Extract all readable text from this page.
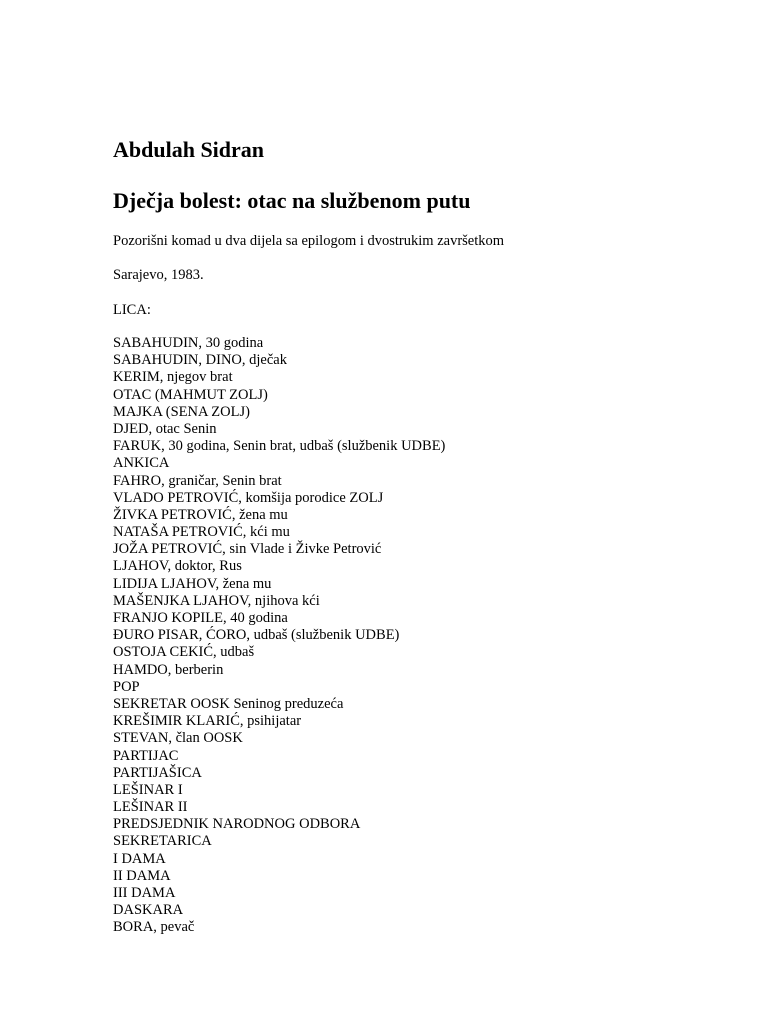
Abdulah Sidran
Dječja bolest: otac na službenom putu
Pozorišni komad u dva dijela sa epilogom i dvostrukim završetkom
Sarajevo, 1983.
LICA:
SABAHUDIN, 30 godina
SABAHUDIN, DINO, dječak
KERIM, njegov brat
OTAC (MAHMUT ZOLJ)
MAJKA (SENA ZOLJ)
DJED, otac Senin
FARUK, 30 godina, Senin brat, udbaš (službenik UDBE)
ANKICA
FAHRO, graničar, Senin brat
VLADO PETROVIĆ, komšija porodice ZOLJ
ŽIVKA PETROVIĆ, žena mu
NATAŠA PETROVIĆ, kći mu
JOŽA PETROVIĆ, sin Vlade i Živke Petrović
LJAHOV, doktor, Rus
LIDIJA LJAHOV, žena mu
MAŠENJKA LJAHOV, njihova kći
FRANJO KOPILE, 40 godina
ĐURO PISAR, ĆORO, udbaš (službenik UDBE)
OSTOJA CEKIĆ, udbaš
HAMDO, berberin
POP
SEKRETAR OOSK Seninog preduzeća
KREŠIMIR KLARIĆ, psihijatar
STEVAN, član OOSK
PARTIJAC
PARTIJAŠICA
LEŠINAR I
LEŠINAR II
PREDSJEDNIK NARODNOG ODBORA
SEKRETARICA
I DAMA
II DAMA
III DAMA
DASKARA
BORA, pevač
